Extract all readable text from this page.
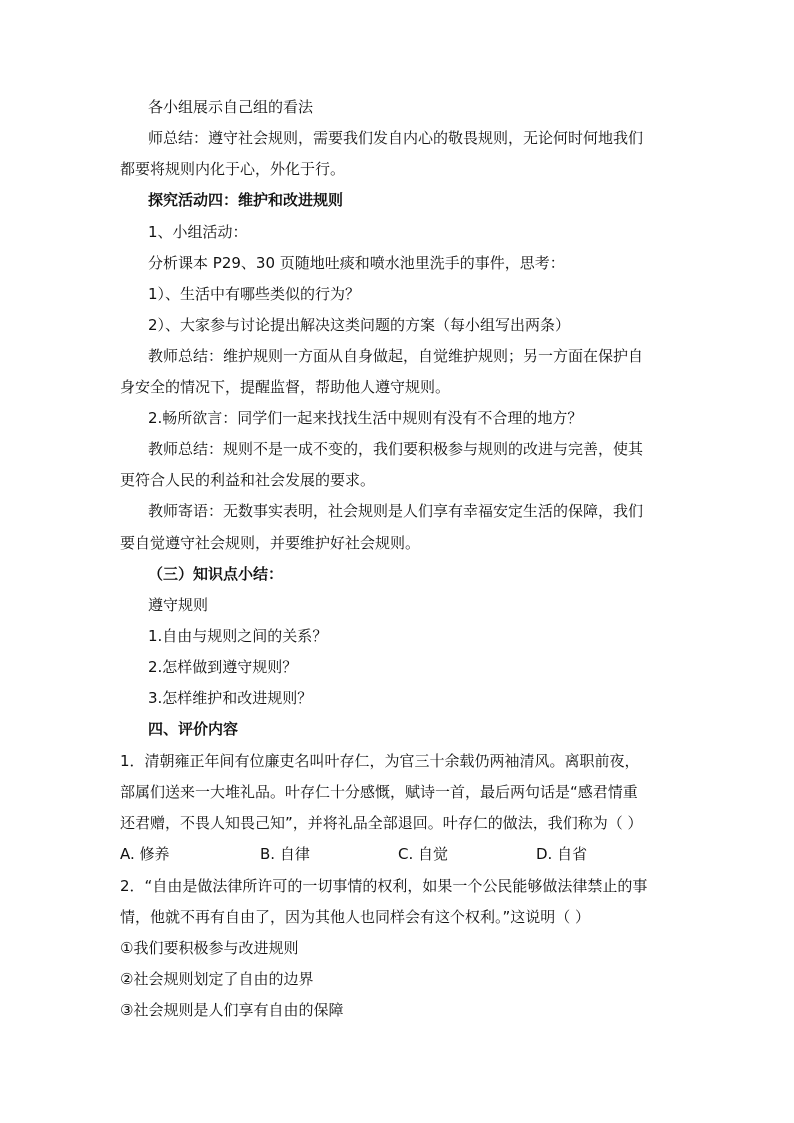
各小组展示自己组的看法
师总结：遵守社会规则，需要我们发自内心的敬畏规则，无论何时何地我们
都要将规则内化于心，外化于行。
探究活动四：维护和改进规则
1、小组活动：
分析课本 P29、30 页随地吐痰和喷水池里洗手的事件，思考：
1）、生活中有哪些类似的行为？
2）、大家参与讨论提出解决这类问题的方案（每小组写出两条）
教师总结：维护规则一方面从自身做起，自觉维护规则；另一方面在保护自
身安全的情况下，提醒监督，帮助他人遵守规则。
2.畅所欲言：同学们一起来找找生活中规则有没有不合理的地方？
教师总结：规则不是一成不变的，我们要积极参与规则的改进与完善，使其
更符合人民的利益和社会发展的要求。
教师寄语：无数事实表明，社会规则是人们享有幸福安定生活的保障，我们
要自觉遵守社会规则，并要维护好社会规则。
（三）知识点小结：
遵守规则
1.自由与规则之间的关系？
2.怎样做到遵守规则？
3.怎样维护和改进规则？
四、评价内容
1．清朝雍正年间有位廉吏名叫叶存仁，为官三十余载仍两袖清风。离职前夜，
部属们送来一大堆礼品。叶存仁十分感慨，赋诗一首，最后两句话是“感君情重
还君赠，不畏人知畏己知”，并将礼品全部退回。叶存仁的做法，我们称为（ ）
A. 修养	B. 自律	C. 自觉	D. 自省
2．“自由是做法律所许可的一切事情的权利，如果一个公民能够做法律禁止的事
情，他就不再有自由了，因为其他人也同样会有这个权利。”这说明（ ）
①我们要积极参与改进规则
②社会规则划定了自由的边界
③社会规则是人们享有自由的保障
